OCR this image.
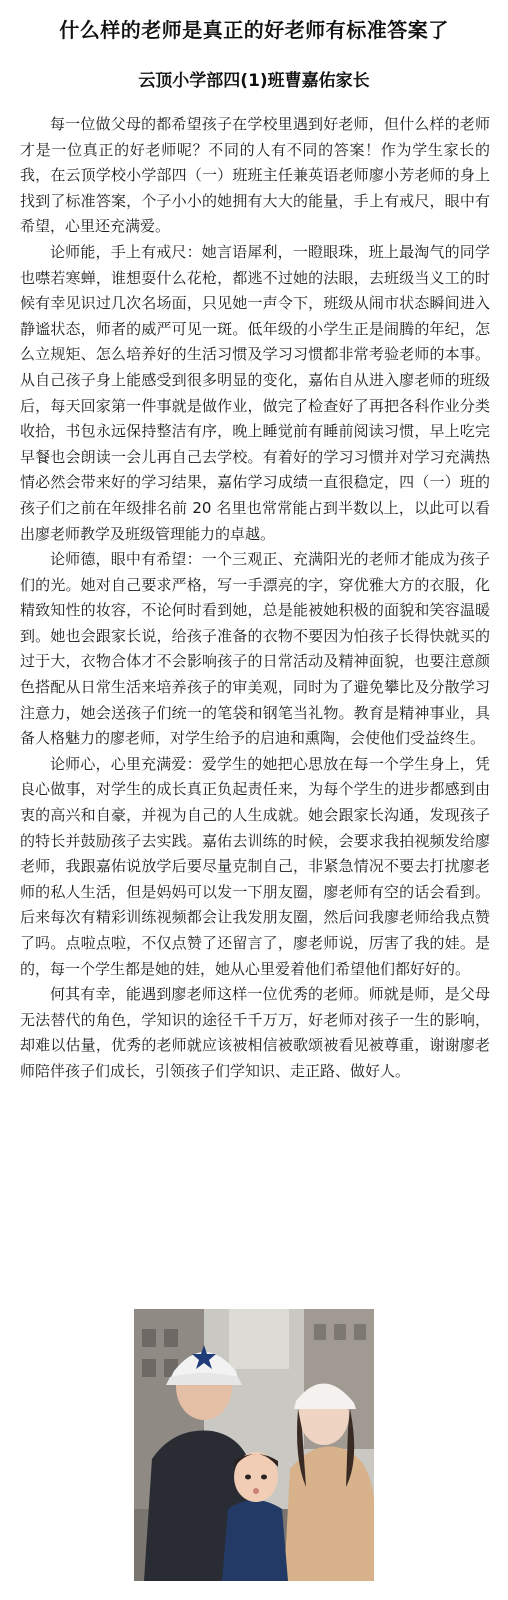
什么样的老师是真正的好老师有标准答案了
云顶小学部四(1)班曹嘉佑家长

每一位做父母的都希望孩子在学校里遇到好老师，但什么样的老师才是一位真正的好老师呢？不同的人有不同的答案！作为学生家长的我，在云顶学校小学部四（一）班班主任兼英语老师廖小芳老师的身上找到了标准答案，个子小小的她拥有大大的能量，手上有戒尺，眼中有希望，心里还充满爱。

论师能，手上有戒尺：她言语犀利，一瞪眼珠，班上最淘气的同学也噤若寒蝉，谁想耍什么花枪，都逃不过她的法眼，去班级当义工的时候有幸见识过几次名场面，只见她一声令下，班级从闹市状态瞬间进入静谧状态，师者的威严可见一斑。低年级的小学生正是闹腾的年纪，怎么立规矩、怎么培养好的生活习惯及学习习惯都非常考验老师的本事。从自己孩子身上能感受到很多明显的变化，嘉佑自从进入廖老师的班级后，每天回家第一件事就是做作业，做完了检查好了再把各科作业分类收拾，书包永远保持整洁有序，晚上睡觉前有睡前阅读习惯，早上吃完早餐也会朗读一会儿再自己去学校。有着好的学习习惯并对学习充满热情必然会带来好的学习结果，嘉佑学习成绩一直很稳定，四（一）班的孩子们之前在年级排名前 20 名里也常常能占到半数以上，以此可以看出廖老师教学及班级管理能力的卓越。

论师德，眼中有希望：一个三观正、充满阳光的老师才能成为孩子们的光。她对自己要求严格，写一手漂亮的字，穿优雅大方的衣服，化精致知性的妆容，不论何时看到她，总是能被她积极的面貌和笑容温暖到。她也会跟家长说，给孩子准备的衣物不要因为怕孩子长得快就买的过于大，衣物合体才不会影响孩子的日常活动及精神面貌，也要注意颜色搭配从日常生活来培养孩子的审美观，同时为了避免攀比及分散学习注意力，她会送孩子们统一的笔袋和钢笔当礼物。教育是精神事业，具备人格魅力的廖老师，对学生给予的启迪和熏陶，会使他们受益终生。

论师心，心里充满爱：爱学生的她把心思放在每一个学生身上，凭良心做事，对学生的成长真正负起责任来，为每个学生的进步都感到由衷的高兴和自豪，并视为自己的人生成就。她会跟家长沟通，发现孩子的特长并鼓励孩子去实践。嘉佑去训练的时候，会要求我拍视频发给廖老师，我跟嘉佑说放学后要尽量克制自己，非紧急情况不要去打扰廖老师的私人生活，但是妈妈可以发一下朋友圈，廖老师有空的话会看到。后来每次有精彩训练视频都会让我发朋友圈，然后问我廖老师给我点赞了吗。点啦点啦，不仅点赞了还留言了，廖老师说，厉害了我的娃。是的，每一个学生都是她的娃，她从心里爱着他们希望他们都好好的。

何其有幸，能遇到廖老师这样一位优秀的老师。师就是师，是父母无法替代的角色，学知识的途径千千万万，好老师对孩子一生的影响，却难以估量，优秀的老师就应该被相信被歌颂被看见被尊重，谢谢廖老师陪伴孩子们成长，引领孩子们学知识、走正路、做好人。
